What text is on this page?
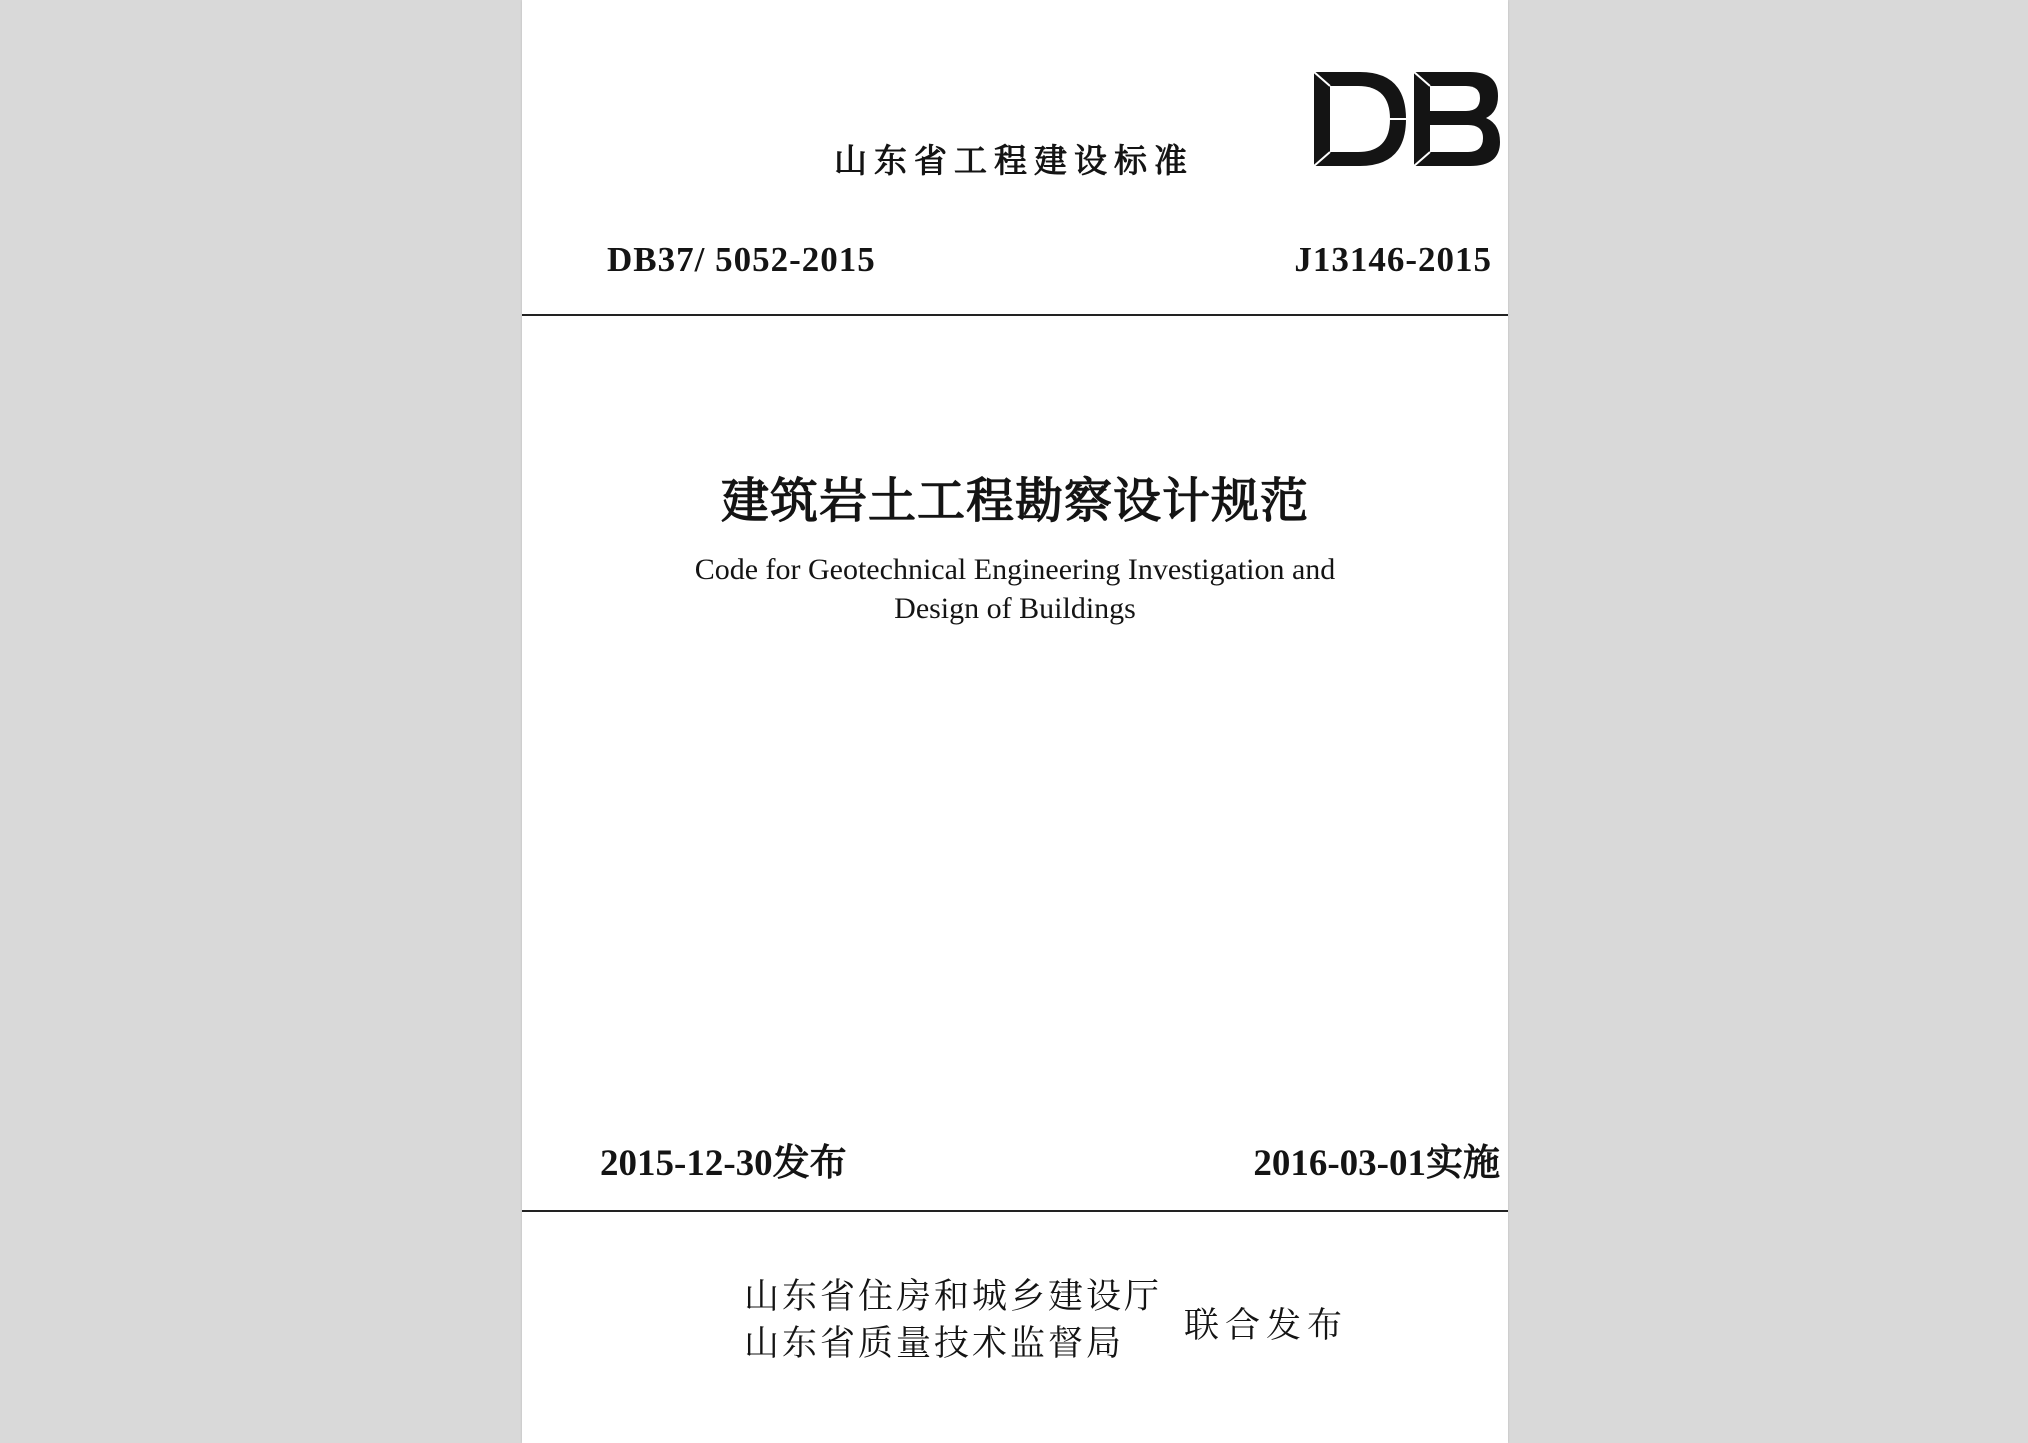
山东省工程建设标准
DB37/ 5052-2015	J13146-2015
建筑岩土工程勘察设计规范
Code for Geotechnical Engineering Investigation and
Design of Buildings
2015-12-30发布	2016-03-01实施
山东省住房和城乡建设厅
山东省质量技术监督局	联合发布
